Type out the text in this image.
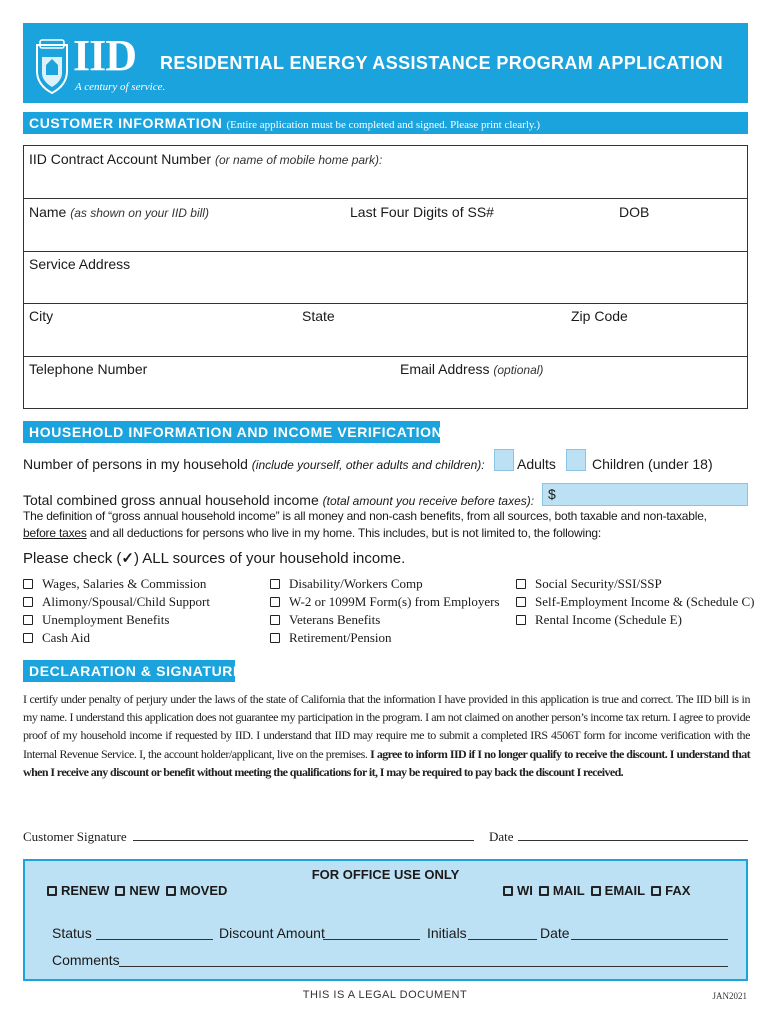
IID
A century of service.
RESIDENTIAL ENERGY ASSISTANCE PROGRAM APPLICATION
CUSTOMER INFORMATION (Entire application must be completed and signed. Please print clearly.)
IID Contract Account Number (or name of mobile home park):
Name (as shown on your IID bill)	Last Four Digits of SS#	DOB
Service Address
City	State	Zip Code
Telephone Number	Email Address (optional)
HOUSEHOLD INFORMATION AND INCOME VERIFICATION
Number of persons in my household (include yourself, other adults and children): Adults	Children (under 18)
Total combined gross annual household income (total amount you receive before taxes): $
The definition of “gross annual household income” is all money and non-cash benefits, from all sources, both taxable and non-taxable,
before taxes and all deductions for persons who live in my home. This includes, but is not limited to, the following:
Please check (✓) ALL sources of your household income.
Wages, Salaries & Commission
Alimony/Spousal/Child Support
Unemployment Benefits
Cash Aid
Disability/Workers Comp
W-2 or 1099M Form(s) from Employers
Veterans Benefits
Retirement/Pension
Social Security/SSI/SSP
Self-Employment Income & (Schedule C)
Rental Income (Schedule E)
DECLARATION & SIGNATURE
I certify under penalty of perjury under the laws of the state of California that the information I have provided in this application is true and correct. The IID bill is in my name. I understand this application does not guarantee my participation in the program. I am not claimed on another person’s income tax return. I agree to provide proof of my household income if requested by IID. I understand that IID may require me to submit a completed IRS 4506T form for income verification with the Internal Revenue Service. I, the account holder/applicant, live on the premises. I agree to inform IID if I no longer qualify to receive the discount. I understand that when I receive any discount or benefit without meeting the qualifications for it, I may be required to pay back the discount I received.
Customer Signature	Date
FOR OFFICE USE ONLY
RENEW NEW MOVED	WI MAIL EMAIL FAX
Status	Discount Amount	Initials	Date
Comments
THIS IS A LEGAL DOCUMENT	JAN2021
